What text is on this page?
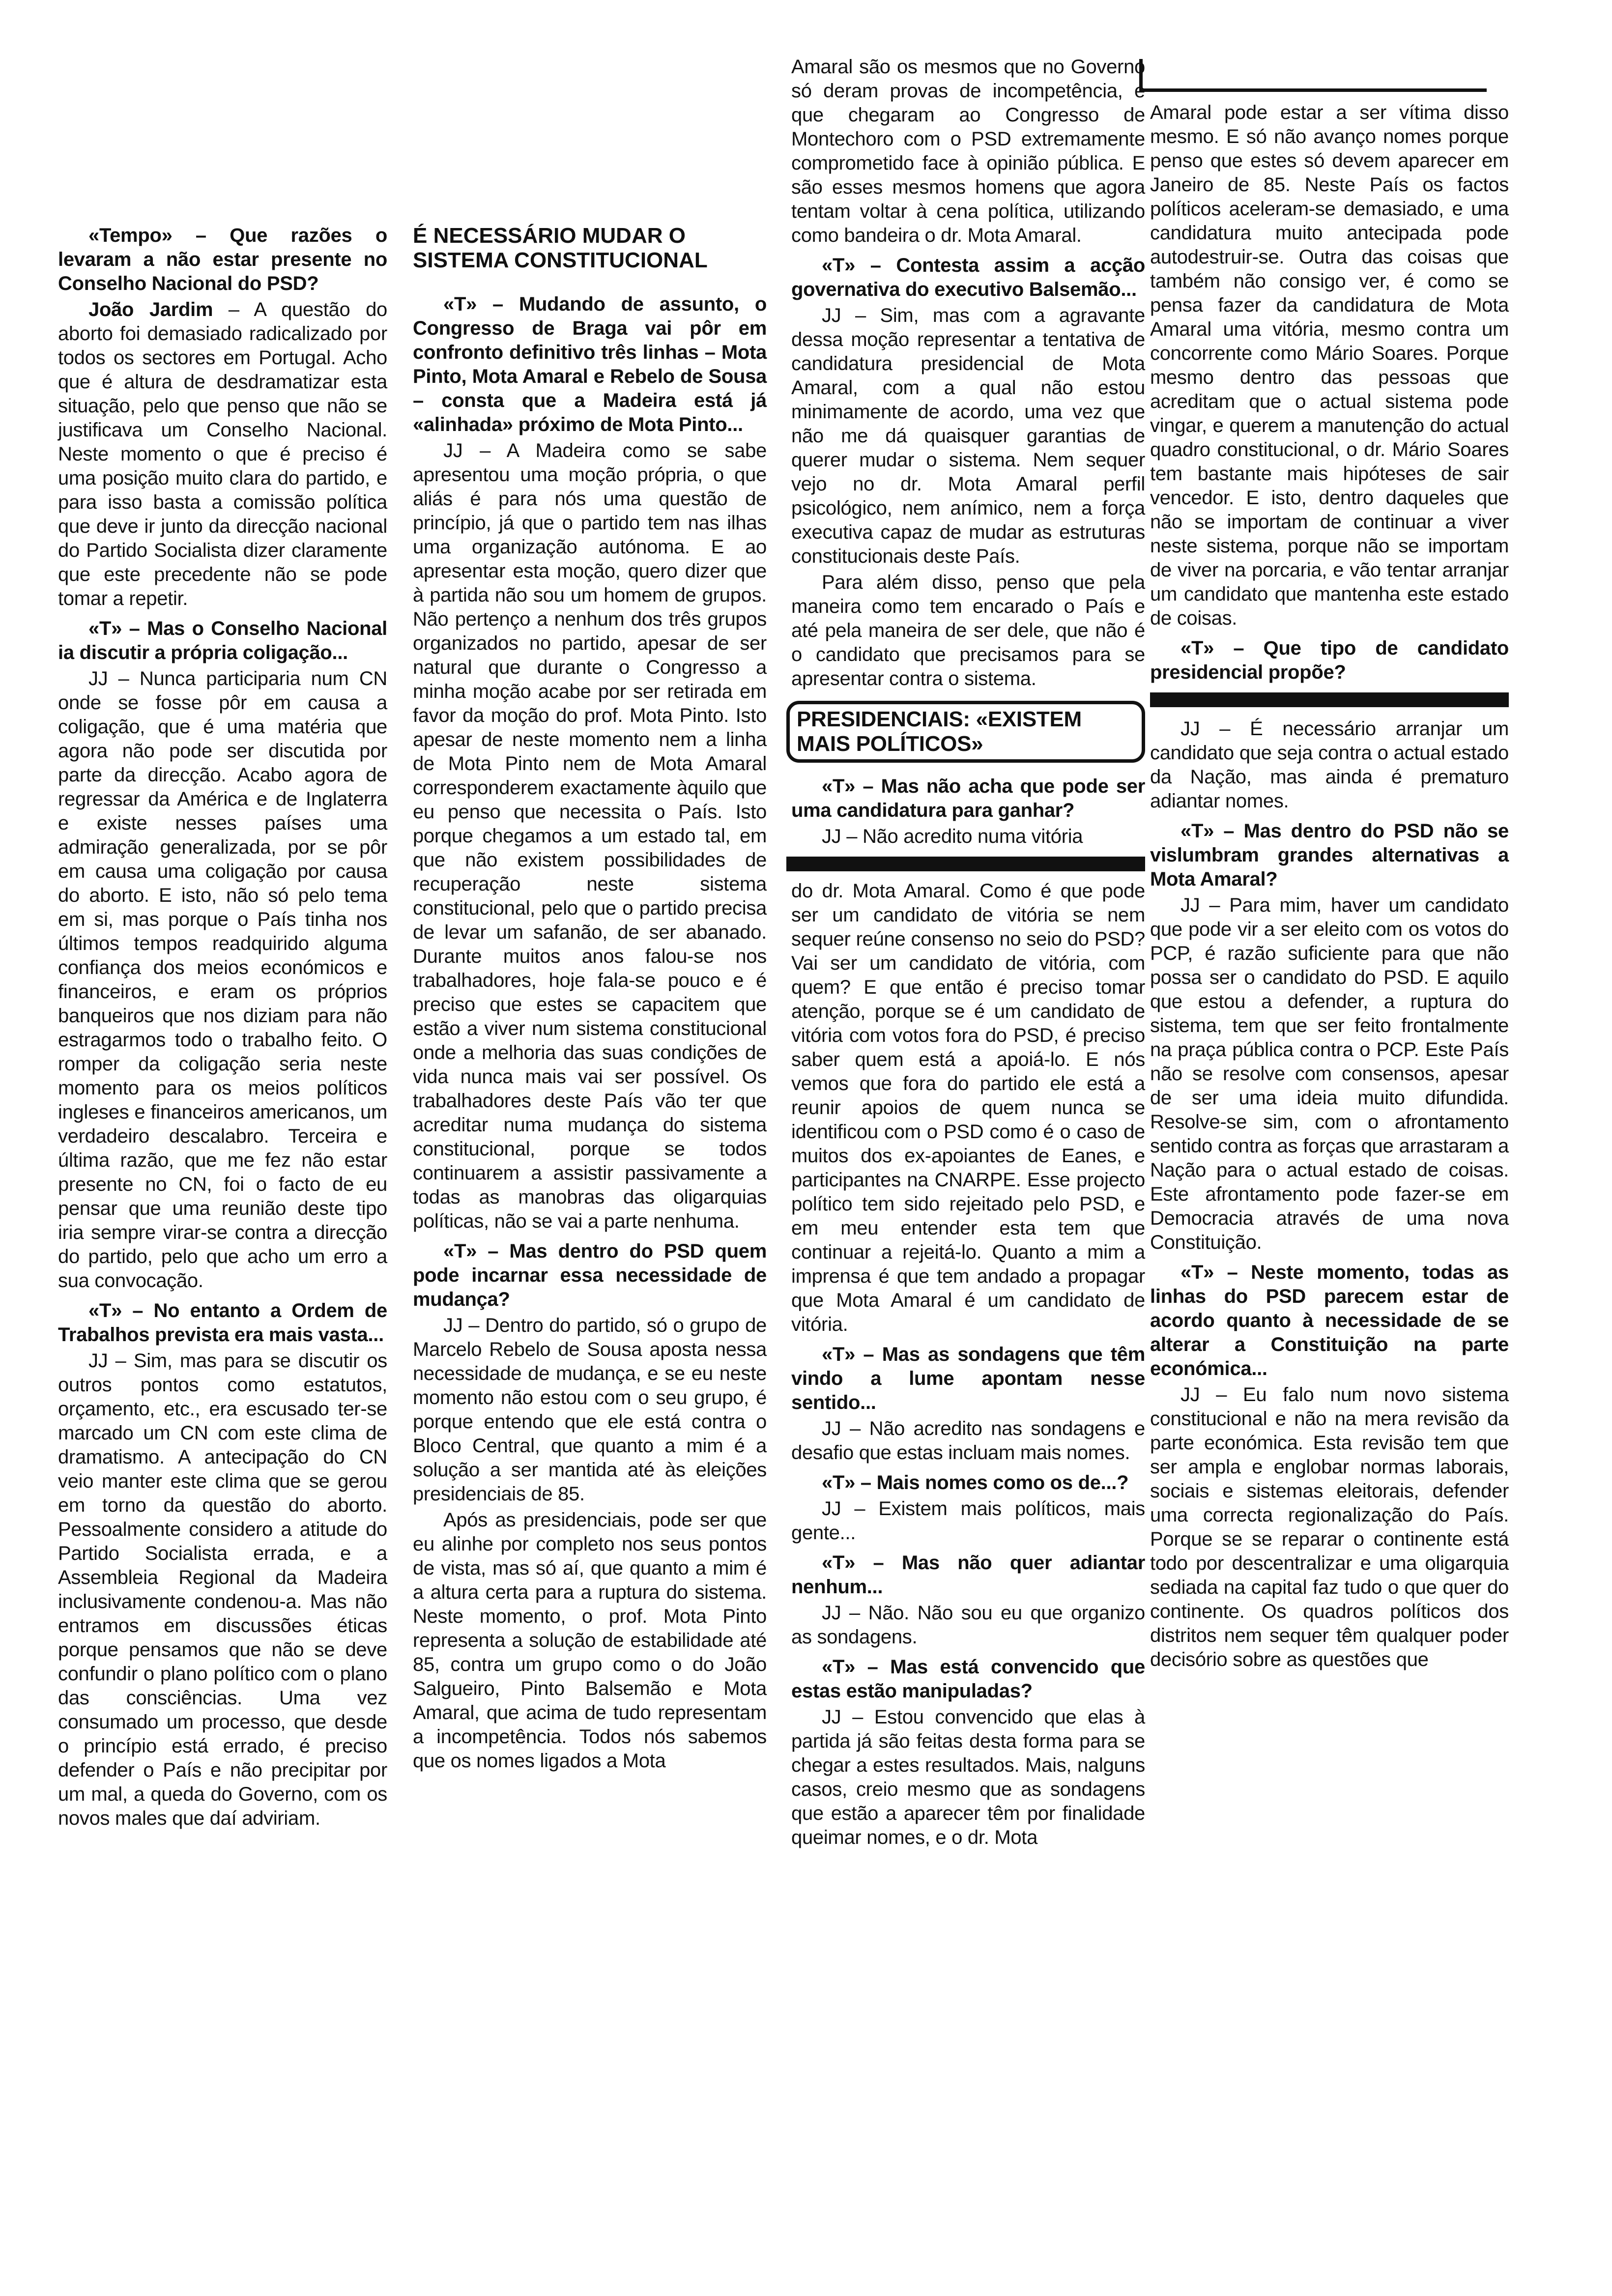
«Tempo» – Que razões o levaram a não estar presente no Conselho Nacional do PSD?

João Jardim – A questão do aborto foi demasiado radicalizado por todos os sectores em Portugal. Acho que é altura de desdramatizar esta situação, pelo que penso que não se justificava um Conselho Nacional. Neste momento o que é preciso é uma posição muito clara do partido, e para isso basta a comissão política que deve ir junto da direcção nacional do Partido Socialista dizer claramente que este precedente não se pode tomar a repetir.

«T» – Mas o Conselho Nacional ia discutir a própria coligação...

JJ – Nunca participaria num CN onde se fosse pôr em causa a coligação, que é uma matéria que agora não pode ser discutida por parte da direcção. Acabo agora de regressar da América e de Inglaterra e existe nesses países uma admiração generalizada, por se pôr em causa uma coligação por causa do aborto. E isto, não só pelo tema em si, mas porque o País tinha nos últimos tempos readquirido alguma confiança dos meios económicos e financeiros, e eram os próprios banqueiros que nos diziam para não estragarmos todo o trabalho feito. O romper da coligação seria neste momento para os meios políticos ingleses e financeiros americanos, um verdadeiro descalabro. Terceira e última razão, que me fez não estar presente no CN, foi o facto de eu pensar que uma reunião deste tipo iria sempre virar-se contra a direcção do partido, pelo que acho um erro a sua convocação.

«T» – No entanto a Ordem de Trabalhos prevista era mais vasta...

JJ – Sim, mas para se discutir os outros pontos como estatutos, orçamento, etc., era escusado ter-se marcado um CN com este clima de dramatismo. A antecipação do CN veio manter este clima que se gerou em torno da questão do aborto. Pessoalmente considero a atitude do Partido Socialista errada, e a Assembleia Regional da Madeira inclusivamente condenou-a. Mas não entramos em discussões éticas porque pensamos que não se deve confundir o plano político com o plano das consciências. Uma vez consumado um processo, que desde o princípio está errado, é preciso defender o País e não precipitar por um mal, a queda do Governo, com os novos males que daí adviriam.

É NECESSÁRIO MUDAR O SISTEMA CONSTITUCIONAL

«T» – Mudando de assunto, o Congresso de Braga vai pôr em confronto definitivo três linhas – Mota Pinto, Mota Amaral e Rebelo de Sousa – consta que a Madeira está já «alinhada» próximo de Mota Pinto...

JJ – A Madeira como se sabe apresentou uma moção própria, o que aliás é para nós uma questão de princípio, já que o partido tem nas ilhas uma organização autónoma. E ao apresentar esta moção, quero dizer que à partida não sou um homem de grupos. Não pertenço a nenhum dos três grupos organizados no partido, apesar de ser natural que durante o Congresso a minha moção acabe por ser retirada em favor da moção do prof. Mota Pinto. Isto apesar de neste momento nem a linha de Mota Pinto nem de Mota Amaral corresponderem exactamente àquilo que eu penso que necessita o País. Isto porque chegamos a um estado tal, em que não existem possibilidades de recuperação neste sistema constitucional, pelo que o partido precisa de levar um safanão, de ser abanado. Durante muitos anos falou-se nos trabalhadores, hoje fala-se pouco e é preciso que estes se capacitem que estão a viver num sistema constitucional onde a melhoria das suas condições de vida nunca mais vai ser possível. Os trabalhadores deste País vão ter que acreditar numa mudança do sistema constitucional, porque se todos continuarem a assistir passivamente a todas as manobras das oligarquias políticas, não se vai a parte nenhuma.

«T» – Mas dentro do PSD quem pode incarnar essa necessidade de mudança?

JJ – Dentro do partido, só o grupo de Marcelo Rebelo de Sousa aposta nessa necessidade de mudança, e se eu neste momento não estou com o seu grupo, é porque entendo que ele está contra o Bloco Central, que quanto a mim é a solução a ser mantida até às eleições presidenciais de 85.

Após as presidenciais, pode ser que eu alinhe por completo nos seus pontos de vista, mas só aí, que quanto a mim é a altura certa para a ruptura do sistema. Neste momento, o prof. Mota Pinto representa a solução de estabilidade até 85, contra um grupo como o do João Salgueiro, Pinto Balsemão e Mota Amaral, que acima de tudo representam a incompetência. Todos nós sabemos que os nomes ligados a Mota

Amaral são os mesmos que no Governo só deram provas de incompetência, e que chegaram ao Congresso de Montechoro com o PSD extremamente comprometido face à opinião pública. E são esses mesmos homens que agora tentam voltar à cena política, utilizando como bandeira o dr. Mota Amaral.

«T» – Contesta assim a acção governativa do executivo Balsemão...

JJ – Sim, mas com a agravante dessa moção representar a tentativa de candidatura presidencial de Mota Amaral, com a qual não estou minimamente de acordo, uma vez que não me dá quaisquer garantias de querer mudar o sistema. Nem sequer vejo no dr. Mota Amaral perfil psicológico, nem anímico, nem a força executiva capaz de mudar as estruturas constitucionais deste País.

Para além disso, penso que pela maneira como tem encarado o País e até pela maneira de ser dele, que não é o candidato que precisamos para se apresentar contra o sistema.

PRESIDENCIAIS: «EXISTEM MAIS POLÍTICOS»

«T» – Mas não acha que pode ser uma candidatura para ganhar?

JJ – Não acredito numa vitória

do dr. Mota Amaral. Como é que pode ser um candidato de vitória se nem sequer reúne consenso no seio do PSD? Vai ser um candidato de vitória, com quem? E que então é preciso tomar atenção, porque se é um candidato de vitória com votos fora do PSD, é preciso saber quem está a apoiá-lo. E nós vemos que fora do partido ele está a reunir apoios de quem nunca se identificou com o PSD como é o caso de muitos dos ex-apoiantes de Eanes, e participantes na CNARPE. Esse projecto político tem sido rejeitado pelo PSD, e em meu entender esta tem que continuar a rejeitá-lo. Quanto a mim a imprensa é que tem andado a propagar que Mota Amaral é um candidato de vitória.

«T» – Mas as sondagens que têm vindo a lume apontam nesse sentido...

JJ – Não acredito nas sondagens e desafio que estas incluam mais nomes.

«T» – Mais nomes como os de...?

JJ – Existem mais políticos, mais gente...

«T» – Mas não quer adiantar nenhum...

JJ – Não. Não sou eu que organizo as sondagens.

«T» – Mas está convencido que estas estão manipuladas?

JJ – Estou convencido que elas à partida já são feitas desta forma para se chegar a estes resultados. Mais, nalguns casos, creio mesmo que as sondagens que estão a aparecer têm por finalidade queimar nomes, e o dr. Mota

Amaral pode estar a ser vítima disso mesmo. E só não avanço nomes porque penso que estes só devem aparecer em Janeiro de 85. Neste País os factos políticos aceleram-se demasiado, e uma candidatura muito antecipada pode autodestruir-se. Outra das coisas que também não consigo ver, é como se pensa fazer da candidatura de Mota Amaral uma vitória, mesmo contra um concorrente como Mário Soares. Porque mesmo dentro das pessoas que acreditam que o actual sistema pode vingar, e querem a manutenção do actual quadro constitucional, o dr. Mário Soares tem bastante mais hipóteses de sair vencedor. E isto, dentro daqueles que não se importam de continuar a viver neste sistema, porque não se importam de viver na porcaria, e vão tentar arranjar um candidato que mantenha este estado de coisas.

«T» – Que tipo de candidato presidencial propõe?

JJ – É necessário arranjar um candidato que seja contra o actual estado da Nação, mas ainda é prematuro adiantar nomes.

«T» – Mas dentro do PSD não se vislumbram grandes alternativas a Mota Amaral?

JJ – Para mim, haver um candidato que pode vir a ser eleito com os votos do PCP, é razão suficiente para que não possa ser o candidato do PSD. E aquilo que estou a defender, a ruptura do sistema, tem que ser feito frontalmente na praça pública contra o PCP. Este País não se resolve com consensos, apesar de ser uma ideia muito difundida. Resolve-se sim, com o afrontamento sentido contra as forças que arrastaram a Nação para o actual estado de coisas. Este afrontamento pode fazer-se em Democracia através de uma nova Constituição.

«T» – Neste momento, todas as linhas do PSD parecem estar de acordo quanto à necessidade de se alterar a Constituição na parte económica...

JJ – Eu falo num novo sistema constitucional e não na mera revisão da parte económica. Esta revisão tem que ser ampla e englobar normas laborais, sociais e sistemas eleitorais, defender uma correcta regionalização do País. Porque se se reparar o continente está todo por descentralizar e uma oligarquia sediada na capital faz tudo o que quer do continente. Os quadros políticos dos distritos nem sequer têm qualquer poder decisório sobre as questões que
